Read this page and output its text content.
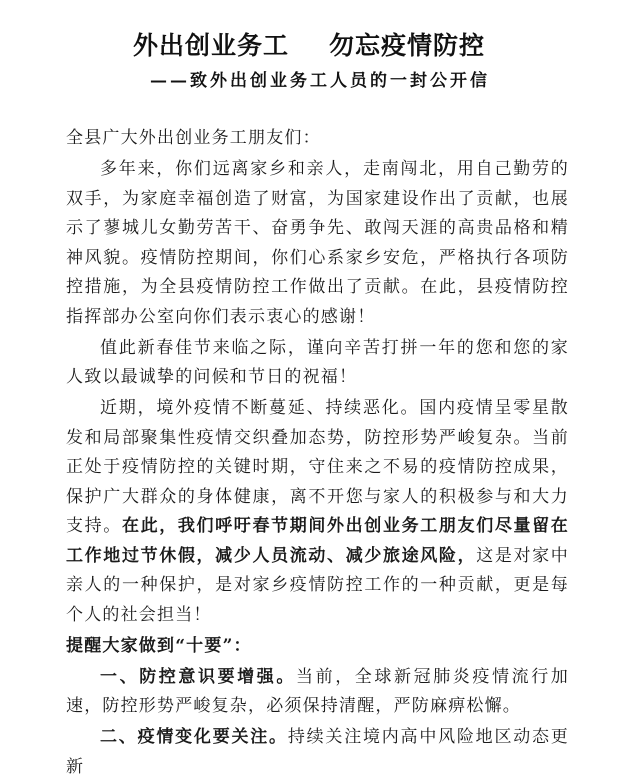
外出创业务工 勿忘疫情防控
——致外出创业务工人员的一封公开信

全县广大外出创业务工朋友们：

多年来，你们远离家乡和亲人，走南闯北，用自己勤劳的双手，为家庭幸福创造了财富，为国家建设作出了贡献，也展示了蓼城儿女勤劳苦干、奋勇争先、敢闯天涯的高贵品格和精神风貌。疫情防控期间，你们心系家乡安危，严格执行各项防控措施，为全县疫情防控工作做出了贡献。在此，县疫情防控指挥部办公室向你们表示衷心的感谢！

值此新春佳节来临之际，谨向辛苦打拼一年的您和您的家人致以最诚挚的问候和节日的祝福！

近期，境外疫情不断蔓延、持续恶化。国内疫情呈零星散发和局部聚集性疫情交织叠加态势，防控形势严峻复杂。当前正处于疫情防控的关键时期，守住来之不易的疫情防控成果，保护广大群众的身体健康，离不开您与家人的积极参与和大力支持。在此，我们呼吁春节期间外出创业务工朋友们尽量留在工作地过节休假，减少人员流动、减少旅途风险，这是对家中亲人的一种保护，是对家乡疫情防控工作的一种贡献，更是每个人的社会担当！

提醒大家做到“十要”：

一、防控意识要增强。当前，全球新冠肺炎疫情流行加速，防控形势严峻复杂，必须保持清醒，严防麻痹松懈。

二、疫情变化要关注。持续关注境内高中风险地区动态更新
